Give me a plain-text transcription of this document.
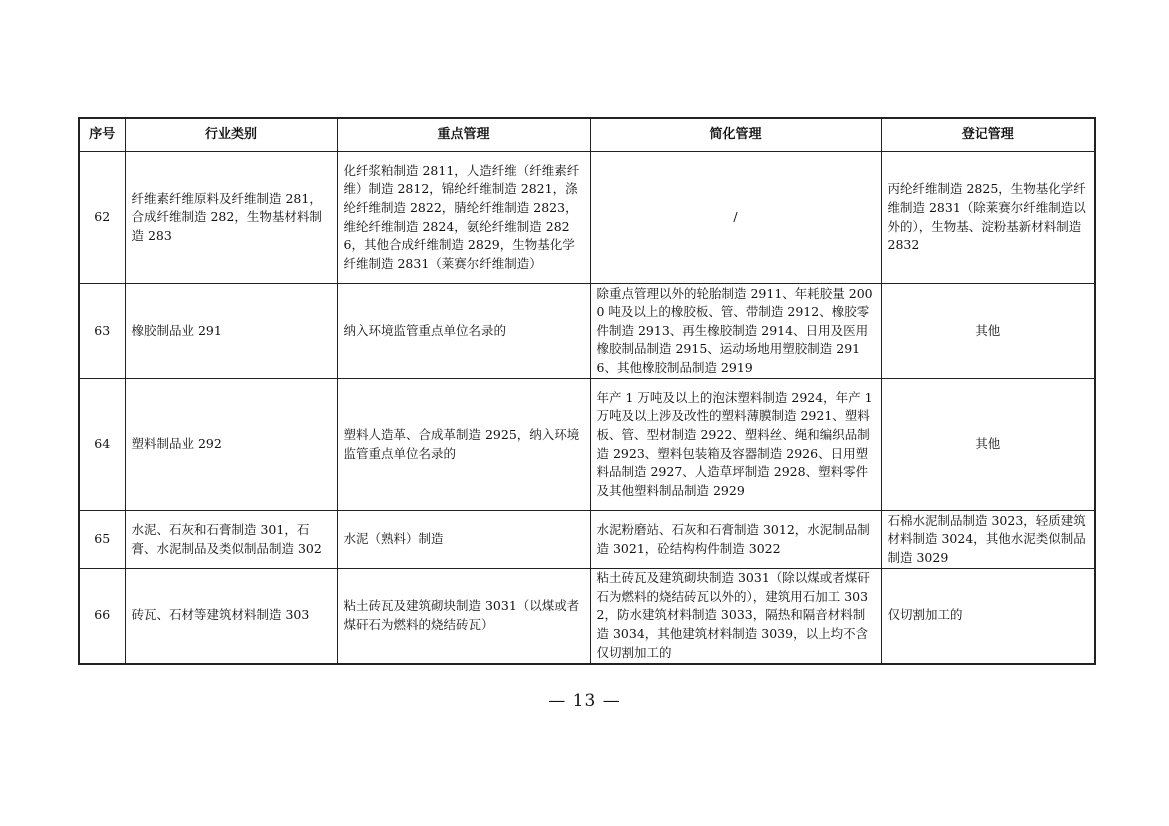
序号	行业类别	重点管理	简化管理	登记管理
62	纤维素纤维原料及纤维制造 281，合成纤维制造 282，生物基材料制造 283	化纤浆粕制造 2811，人造纤维（纤维素纤维）制造 2812，锦纶纤维制造 2821，涤纶纤维制造 2822，腈纶纤维制造 2823，维纶纤维制造 2824，氨纶纤维制造 2826，其他合成纤维制造 2829，生物基化学纤维制造 2831（莱赛尔纤维制造）	/	丙纶纤维制造 2825，生物基化学纤维制造 2831（除莱赛尔纤维制造以外的），生物基、淀粉基新材料制造 2832
63	橡胶制品业 291	纳入环境监管重点单位名录的	除重点管理以外的轮胎制造 2911、年耗胶量 2000 吨及以上的橡胶板、管、带制造 2912、橡胶零件制造 2913、再生橡胶制造 2914、日用及医用橡胶制品制造 2915、运动场地用塑胶制造 2916、其他橡胶制品制造 2919	其他
64	塑料制品业 292	塑料人造革、合成革制造 2925，纳入环境监管重点单位名录的	年产 1 万吨及以上的泡沫塑料制造 2924，年产 1 万吨及以上涉及改性的塑料薄膜制造 2921、塑料板、管、型材制造 2922、塑料丝、绳和编织品制造 2923、塑料包装箱及容器制造 2926、日用塑料品制造 2927、人造草坪制造 2928、塑料零件及其他塑料制品制造 2929	其他
65	水泥、石灰和石膏制造 301，石膏、水泥制品及类似制品制造 302	水泥（熟料）制造	水泥粉磨站、石灰和石膏制造 3012，水泥制品制造 3021，砼结构构件制造 3022	石棉水泥制品制造 3023，轻质建筑材料制造 3024，其他水泥类似制品制造 3029
66	砖瓦、石材等建筑材料制造 303	粘土砖瓦及建筑砌块制造 3031（以煤或者煤矸石为燃料的烧结砖瓦）	粘土砖瓦及建筑砌块制造 3031（除以煤或者煤矸石为燃料的烧结砖瓦以外的），建筑用石加工 3032，防水建筑材料制造 3033，隔热和隔音材料制造 3034，其他建筑材料制造 3039，以上均不含仅切割加工的	仅切割加工的
— 13 —
